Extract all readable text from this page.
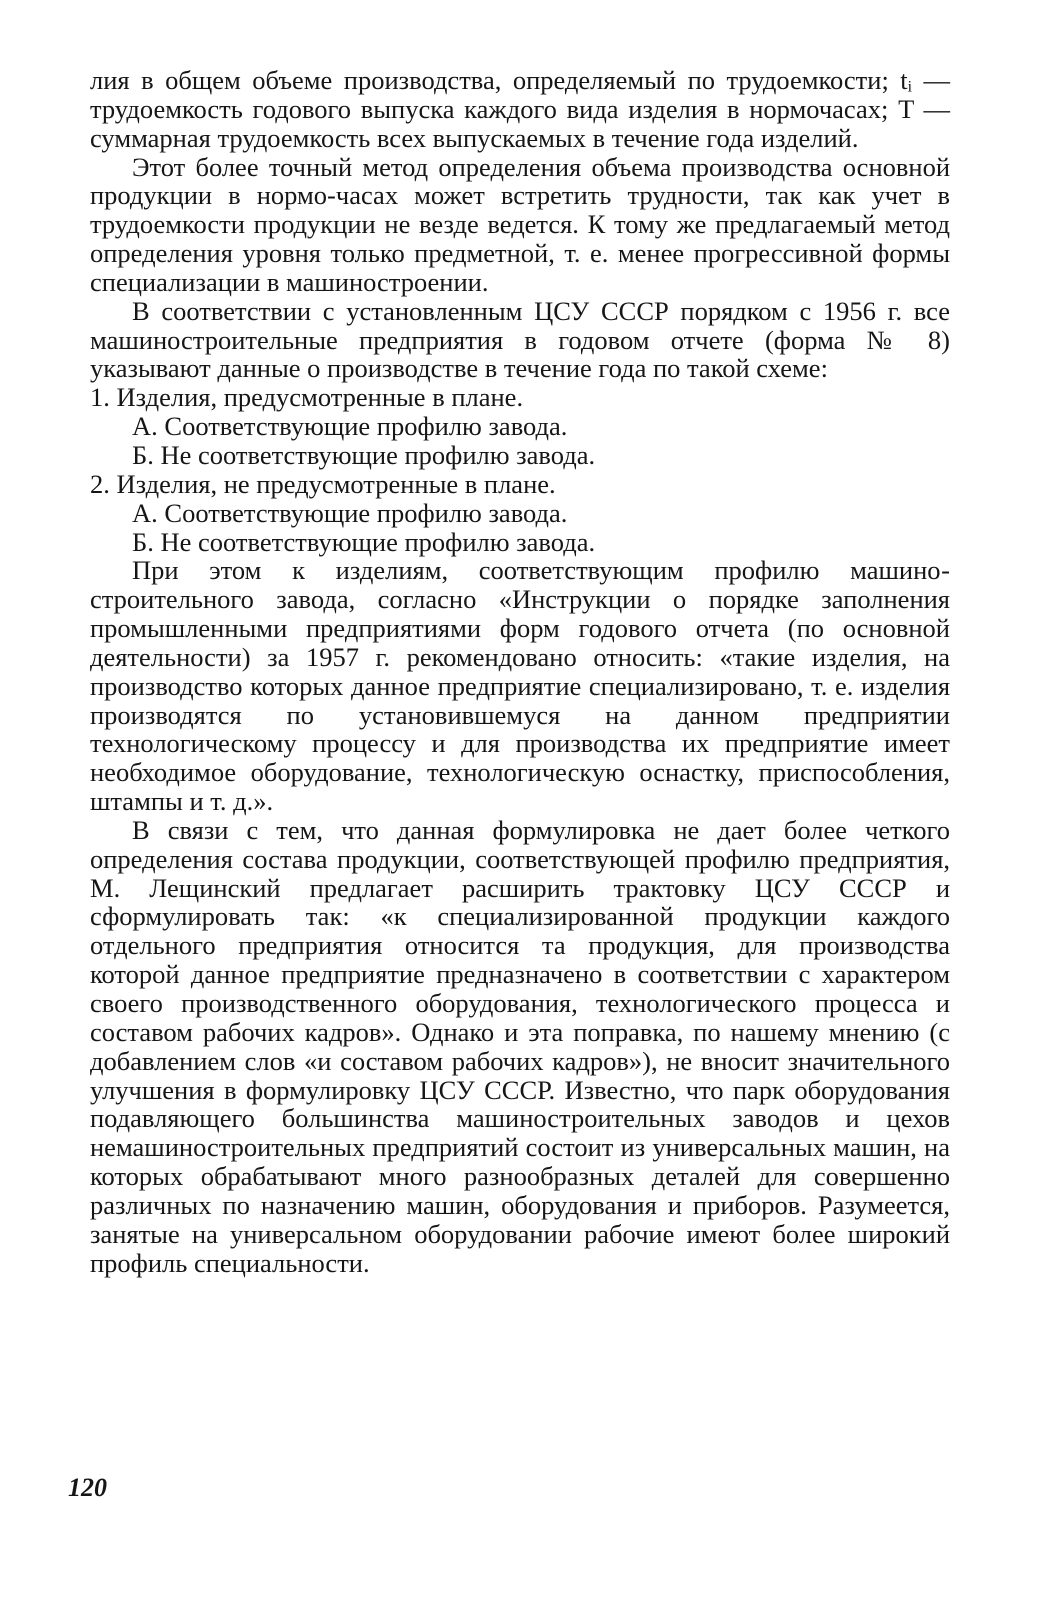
лия в общем объеме производства, определяемый по трудоемкости; tᵢ —трудоемкость годового выпуска каждого вида изделия в нормочасах; T — суммарная трудоемкость всех выпускаемых в течение года изделий.

Этот более точный метод определения объема производства основной продукции в нормо-часах может встретить трудности, так как учет в трудоемкости продукции не везде ведется. К тому же предлагаемый метод определения уровня только предметной, т. е. менее прогрессивной формы специализации в машиностроении.

В соответствии с установленным ЦСУ СССР порядком с 1956 г. все машиностроительные предприятия в годовом отчете (форма № 8) указывают данные о производстве в течение года по такой схеме:

1. Изделия, предусмотренные в плане.
А. Соответствующие профилю завода.
Б. Не соответствующие профилю завода.
2. Изделия, не предусмотренные в плане.
А. Соответствующие профилю завода.
Б. Не соответствующие профилю завода.

При этом к изделиям, соответствующим профилю машиностроительного завода, согласно «Инструкции о порядке заполнения промышленными предприятиями форм годового отчета (по основной деятельности) за 1957 г. рекомендовано относить: «такие изделия, на производство которых данное предприятие специализировано, т. е. изделия производятся по установившемуся на данном предприятии технологическому процессу и для производства их предприятие имеет необходимое оборудование, технологическую оснастку, приспособления, штампы и т. д.».

В связи с тем, что данная формулировка не дает более четкого определения состава продукции, соответствующей профилю предприятия, М. Лещинский предлагает расширить трактовку ЦСУ СССР и сформулировать так: «к специализированной продукции каждого отдельного предприятия относится та продукция, для производства которой данное предприятие предназначено в соответствии с характером своего производственного оборудования, технологического процесса и составом рабочих кадров». Однако и эта поправка, по нашему мнению (с добавлением слов «и составом рабочих кадров»), не вносит значительного улучшения в формулировку ЦСУ СССР. Известно, что парк оборудования подавляющего большинства машиностроительных заводов и цехов немашиностроительных предприятий состоит из универсальных машин, на которых обрабатывают много разнообразных деталей для совершенно различных по назначению машин, оборудования и приборов. Разумеется, занятые на универсальном оборудовании рабочие имеют более широкий профиль специальности.

120
